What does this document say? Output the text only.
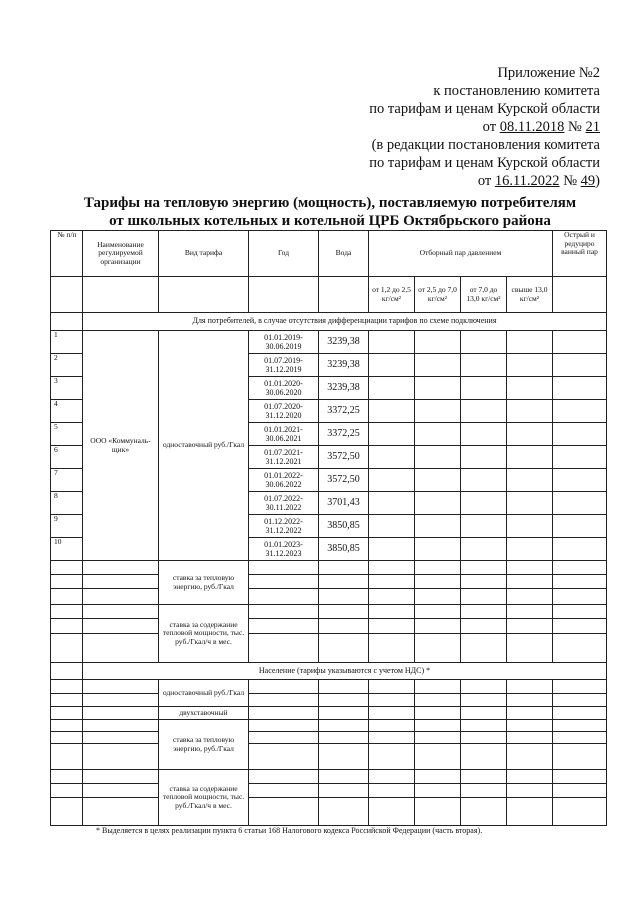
Приложение №2
к постановлению комитета
по тарифам и ценам Курской области
от 08.11.2018 № 21
(в редакции постановления комитета
по тарифам и ценам Курской области
от 16.11.2022 № 49)
Тарифы на тепловую энергию (мощность), поставляемую потребителям
от школьных котельных и котельной ЦРБ Октябрьского района
№ п/п	Наименование регулируемой организации	Вид тарифа	Год	Вода	Отборный пар давлением				Острый и редуциро ванный пар
					от 1,2 до 2,5 кг/см²	от 2,5 до 7,0 кг/см²	от 7,0 до 13,0 кг/см²	свыше 13,0 кг/см²	
	Для потребителей, в случае отсутствия дифференциации тарифов по схеме подключения								
1	ООО «Коммуналь-щик»	одноставочный руб./Гкал	01.01.2019-30.06.2019	3239,38					
2			01.07.2019-31.12.2019	3239,38					
3			01.01.2020-30.06.2020	3239,38					
4			01.07.2020-31.12.2020	3372,25					
5			01.01.2021-30.06.2021	3372,25					
6			01.07.2021-31.12.2021	3572,50					
7			01.01.2022-30.06.2022	3572,50					
8			01.07.2022-30.11.2022	3701,43					
9			01.12.2022-31.12.2022	3850,85					
10			01.01.2023-31.12.2023	3850,85					
		ставка за тепловую энергию, руб./Гкал							

		ставка за содержание тепловой мощности, тыс. руб./Гкал/ч в мес.							

	Население (тарифы указываются с учетом НДС) *								
		одноставочный руб./Гкал							

		двухставочный							
		ставка за тепловую энергию, руб./Гкал							

		ставка за содержание тепловой мощности, тыс. руб./Гкал/ч в мес.							

* Выделяется в целях реализации пункта 6 статьи 168 Налогового кодекса Российской Федерации (часть вторая).
